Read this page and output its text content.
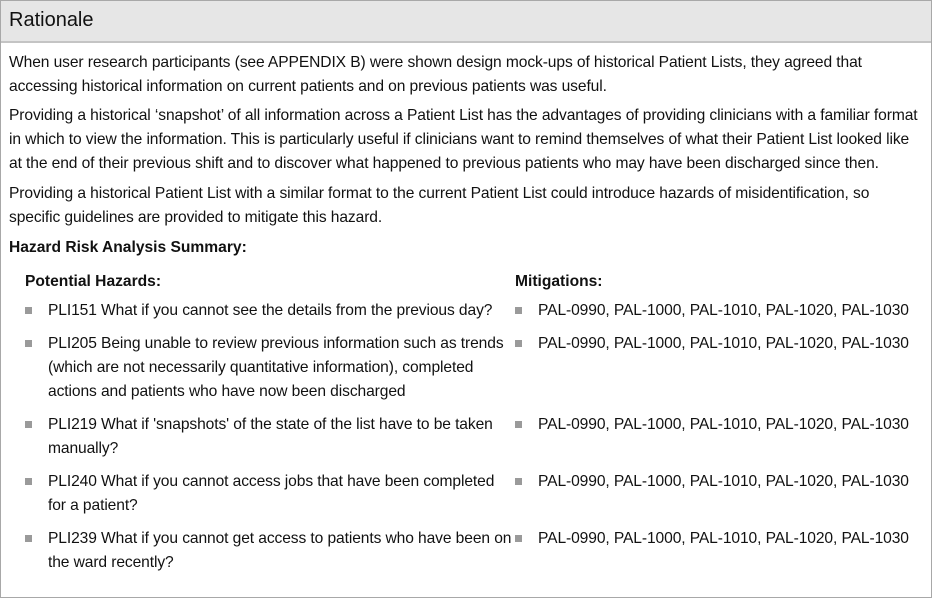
Rationale

When user research participants (see APPENDIX B) were shown design mock-ups of historical Patient Lists, they agreed that accessing historical information on current patients and on previous patients was useful.

Providing a historical ‘snapshot’ of all information across a Patient List has the advantages of providing clinicians with a familiar format in which to view the information. This is particularly useful if clinicians want to remind themselves of what their Patient List looked like at the end of their previous shift and to discover what happened to previous patients who may have been discharged since then.

Providing a historical Patient List with a similar format to the current Patient List could introduce hazards of misidentification, so specific guidelines are provided to mitigate this hazard.

Hazard Risk Analysis Summary:
Potential Hazards:	Mitigations:
PLI151 What if you cannot see the details from the previous day?	PAL-0990, PAL-1000, PAL-1010, PAL-1020, PAL-1030
PLI205 Being unable to review previous information such as trends (which are not necessarily quantitative information), completed actions and patients who have now been discharged
PAL-0990, PAL-1000, PAL-1010, PAL-1020, PAL-1030
PLI219 What if 'snapshots' of the state of the list have to be taken manually?
PAL-0990, PAL-1000, PAL-1010, PAL-1020, PAL-1030
PLI240 What if you cannot access jobs that have been completed for a patient?
PAL-0990, PAL-1000, PAL-1010, PAL-1020, PAL-1030
PLI239 What if you cannot get access to patients who have been on the ward recently?
PAL-0990, PAL-1000, PAL-1010, PAL-1020, PAL-1030
